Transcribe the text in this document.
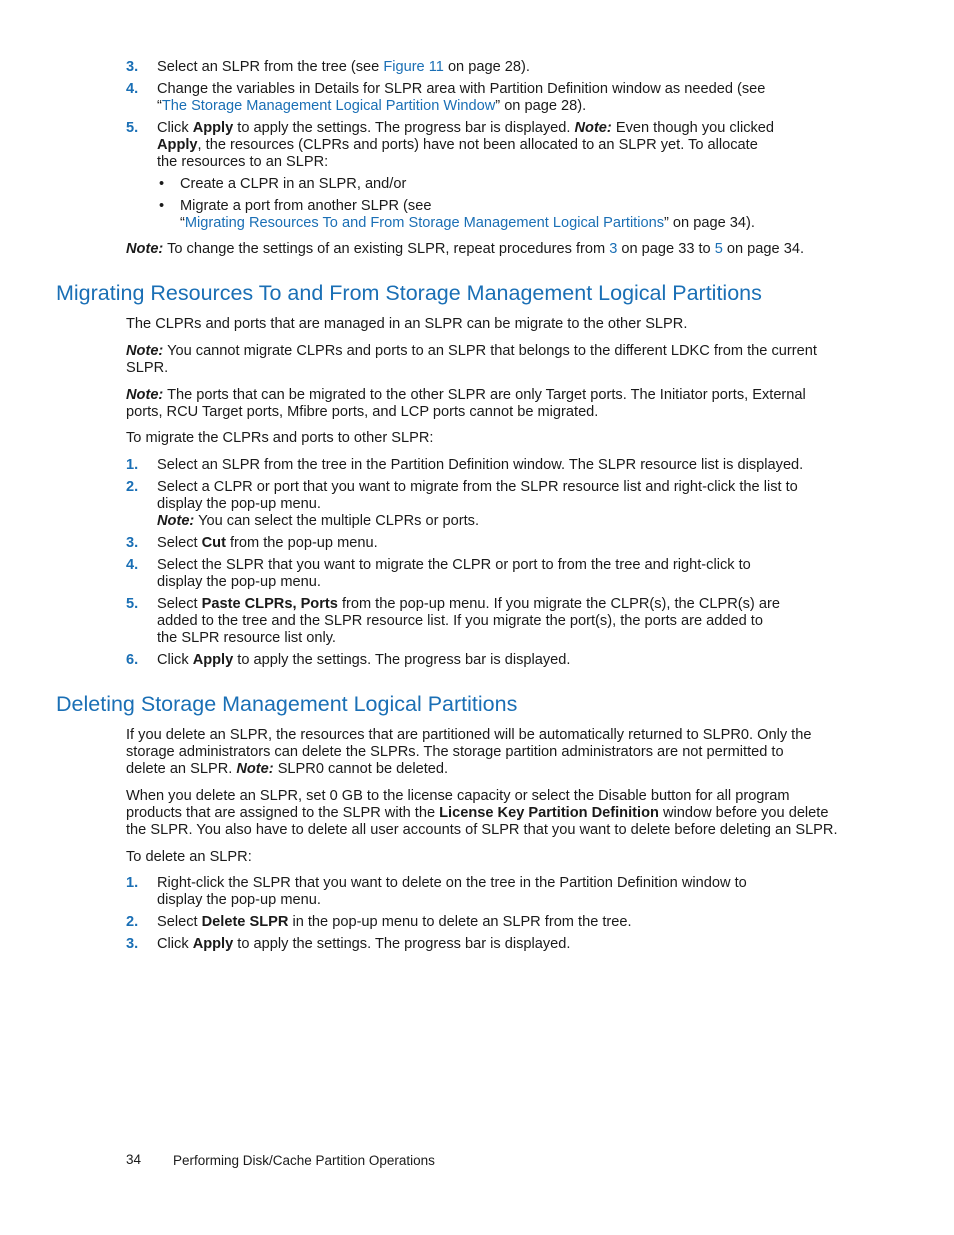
3. Select an SLPR from the tree (see Figure 11 on page 28).
4. Change the variables in Details for SLPR area with Partition Definition window as needed (see
“The Storage Management Logical Partition Window” on page 28).
5. Click Apply to apply the settings. The progress bar is displayed. Note: Even though you clicked
Apply, the resources (CLPRs and ports) have not been allocated to an SLPR yet. To allocate
the resources to an SLPR:
• Create a CLPR in an SLPR, and/or
• Migrate a port from another SLPR (see
“Migrating Resources To and From Storage Management Logical Partitions” on page 34).
Note: To change the settings of an existing SLPR, repeat procedures from 3 on page 33 to 5 on page 34.
Migrating Resources To and From Storage Management Logical Partitions
The CLPRs and ports that are managed in an SLPR can be migrate to the other SLPR.
Note: You cannot migrate CLPRs and ports to an SLPR that belongs to the different LDKC from the current
SLPR.
Note: The ports that can be migrated to the other SLPR are only Target ports. The Initiator ports, External
ports, RCU Target ports, Mfibre ports, and LCP ports cannot be migrated.
To migrate the CLPRs and ports to other SLPR:
1. Select an SLPR from the tree in the Partition Definition window. The SLPR resource list is displayed.
2. Select a CLPR or port that you want to migrate from the SLPR resource list and right-click the list to
display the pop-up menu.
Note: You can select the multiple CLPRs or ports.
3. Select Cut from the pop-up menu.
4. Select the SLPR that you want to migrate the CLPR or port to from the tree and right-click to
display the pop-up menu.
5. Select Paste CLPRs, Ports from the pop-up menu. If you migrate the CLPR(s), the CLPR(s) are
added to the tree and the SLPR resource list. If you migrate the port(s), the ports are added to
the SLPR resource list only.
6. Click Apply to apply the settings. The progress bar is displayed.
Deleting Storage Management Logical Partitions
If you delete an SLPR, the resources that are partitioned will be automatically returned to SLPR0. Only the
storage administrators can delete the SLPRs. The storage partition administrators are not permitted to
delete an SLPR. Note: SLPR0 cannot be deleted.
When you delete an SLPR, set 0 GB to the license capacity or select the Disable button for all program
products that are assigned to the SLPR with the License Key Partition Definition window before you delete
the SLPR. You also have to delete all user accounts of SLPR that you want to delete before deleting an SLPR.
To delete an SLPR:
1. Right-click the SLPR that you want to delete on the tree in the Partition Definition window to
display the pop-up menu.
2. Select Delete SLPR in the pop-up menu to delete an SLPR from the tree.
3. Click Apply to apply the settings. The progress bar is displayed.
34 Performing Disk/Cache Partition Operations
